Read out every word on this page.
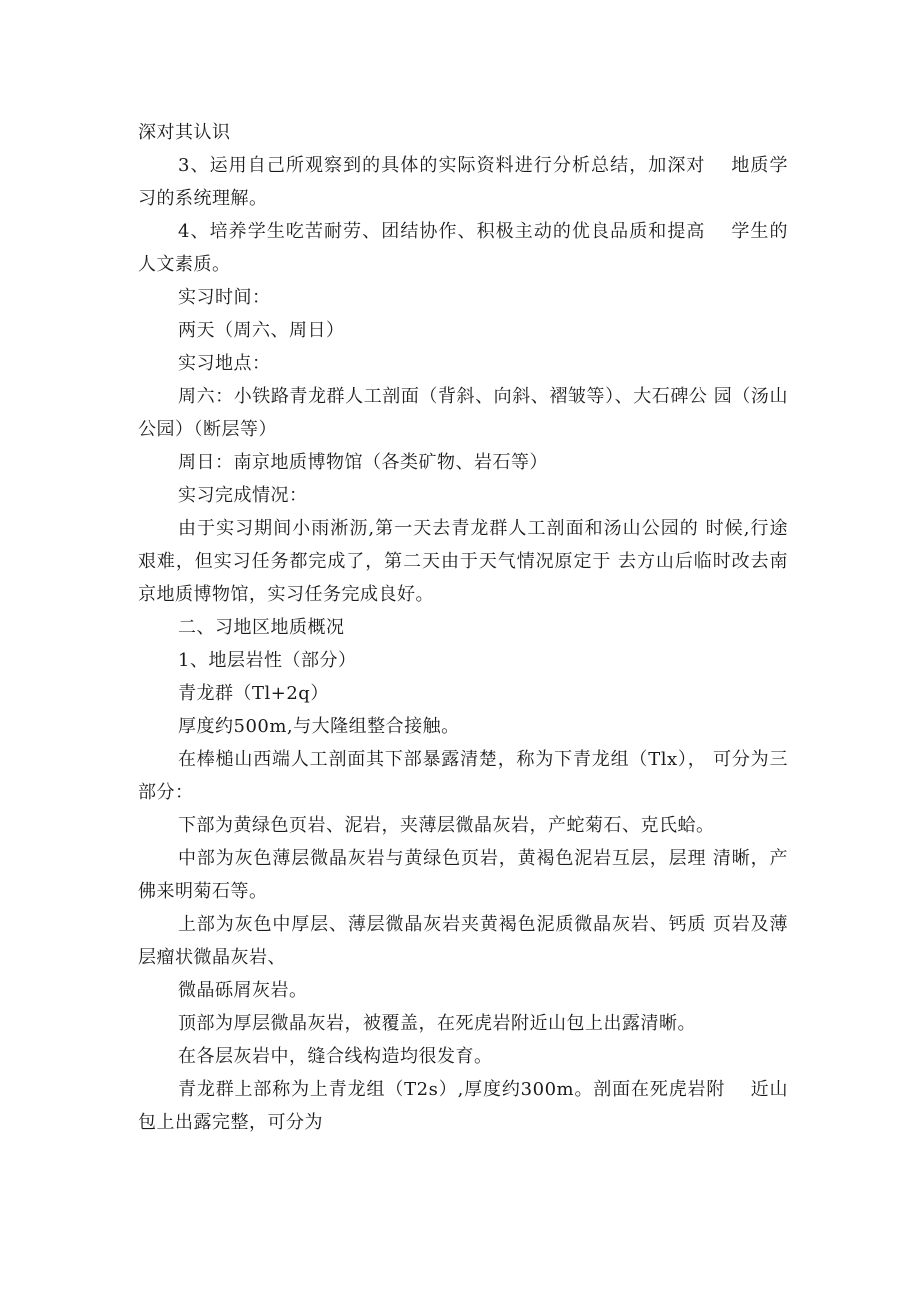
深对其认识

3、运用自己所观察到的具体的实际资料进行分析总结，加深对　 地质学习的系统理解。

4、培养学生吃苦耐劳、团结协作、积极主动的优良品质和提高　 学生的人文素质。

实习时间：

两天（周六、周日）

实习地点：

周六：小铁路青龙群人工剖面（背斜、向斜、褶皱等）、大石碑公 园（汤山公园）（断层等）

周日：南京地质博物馆（各类矿物、岩石等）

实习完成情况：

由于实习期间小雨淅沥,第一天去青龙群人工剖面和汤山公园的 时候,行途艰难，但实习任务都完成了，第二天由于天气情况原定于 去方山后临时改去南京地质博物馆，实习任务完成良好。

二、习地区地质概况

1、地层岩性（部分）

青龙群（Tl+2q）

厚度约500m,与大隆组整合接触。

在棒槌山西端人工剖面其下部暴露清楚，称为下青龙组（Tlx）， 可分为三部分：

下部为黄绿色页岩、泥岩，夹薄层微晶灰岩，产蛇菊石、克氏蛤。

中部为灰色薄层微晶灰岩与黄绿色页岩，黄褐色泥岩互层，层理 清晰，产佛来明菊石等。

上部为灰色中厚层、薄层微晶灰岩夹黄褐色泥质微晶灰岩、钙质 页岩及薄层瘤状微晶灰岩、

微晶砾屑灰岩。

顶部为厚层微晶灰岩，被覆盖，在死虎岩附近山包上出露清晰。

在各层灰岩中，缝合线构造均很发育。

青龙群上部称为上青龙组（T2s）,厚度约300m。剖面在死虎岩附　 近山包上出露完整，可分为
